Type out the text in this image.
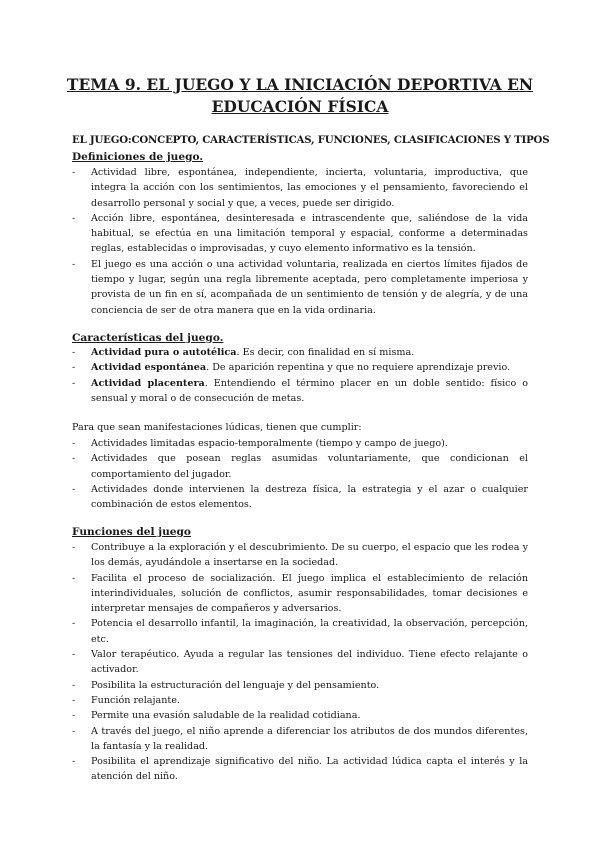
TEMA 9. EL JUEGO Y LA INICIACIÓN DEPORTIVA EN
EDUCACIÓN FÍSICA
EL JUEGO:CONCEPTO, CARACTERÍSTICAS, FUNCIONES, CLASIFICACIONES Y TIPOS
Definiciones de juego.
- Actividad libre, espontánea, independiente, incierta, voluntaria, improductiva, que integra la acción con los sentimientos, las emociones y el pensamiento, favoreciendo el desarrollo personal y social y que, a veces, puede ser dirigido.
- Acción libre, espontánea, desinteresada e intrascendente que, saliéndose de la vida habitual, se efectúa en una limitación temporal y espacial, conforme a determinadas reglas, establecidas o improvisadas, y cuyo elemento informativo es la tensión.
- El juego es una acción o una actividad voluntaria, realizada en ciertos límites fijados de tiempo y lugar, según una regla libremente aceptada, pero completamente imperiosa y provista de un fin en sí, acompañada de un sentimiento de tensión y de alegría, y de una conciencia de ser de otra manera que en la vida ordinaria.
Características del juego.
- Actividad pura o autotélica. Es decir, con finalidad en sí misma.
- Actividad espontánea. De aparición repentina y que no requiere aprendizaje previo.
- Actividad placentera. Entendiendo el término placer en un doble sentido: físico o sensual y moral o de consecución de metas.
Para que sean manifestaciones lúdicas, tienen que cumplir:
- Actividades limitadas espacio-temporalmente (tiempo y campo de juego).
- Actividades que posean reglas asumidas voluntariamente, que condicionan el comportamiento del jugador.
- Actividades donde intervienen la destreza física, la estrategia y el azar o cualquier combinación de estos elementos.
Funciones del juego
- Contribuye a la exploración y el descubrimiento. De su cuerpo, el espacio que les rodea y los demás, ayudándole a insertarse en la sociedad.
- Facilita el proceso de socialización. El juego implica el establecimiento de relación interindividuales, solución de conflictos, asumir responsabilidades, tomar decisiones e interpretar mensajes de compañeros y adversarios.
- Potencia el desarrollo infantil, la imaginación, la creatividad, la observación, percepción, etc.
- Valor terapéutico. Ayuda a regular las tensiones del individuo. Tiene efecto relajante o activador.
- Posibilita la estructuración del lenguaje y del pensamiento.
- Función relajante.
- Permite una evasión saludable de la realidad cotidiana.
- A través del juego, el niño aprende a diferenciar los atributos de dos mundos diferentes, la fantasía y la realidad.
- Posibilita el aprendizaje significativo del niño. La actividad lúdica capta el interés y la atención del niño.
